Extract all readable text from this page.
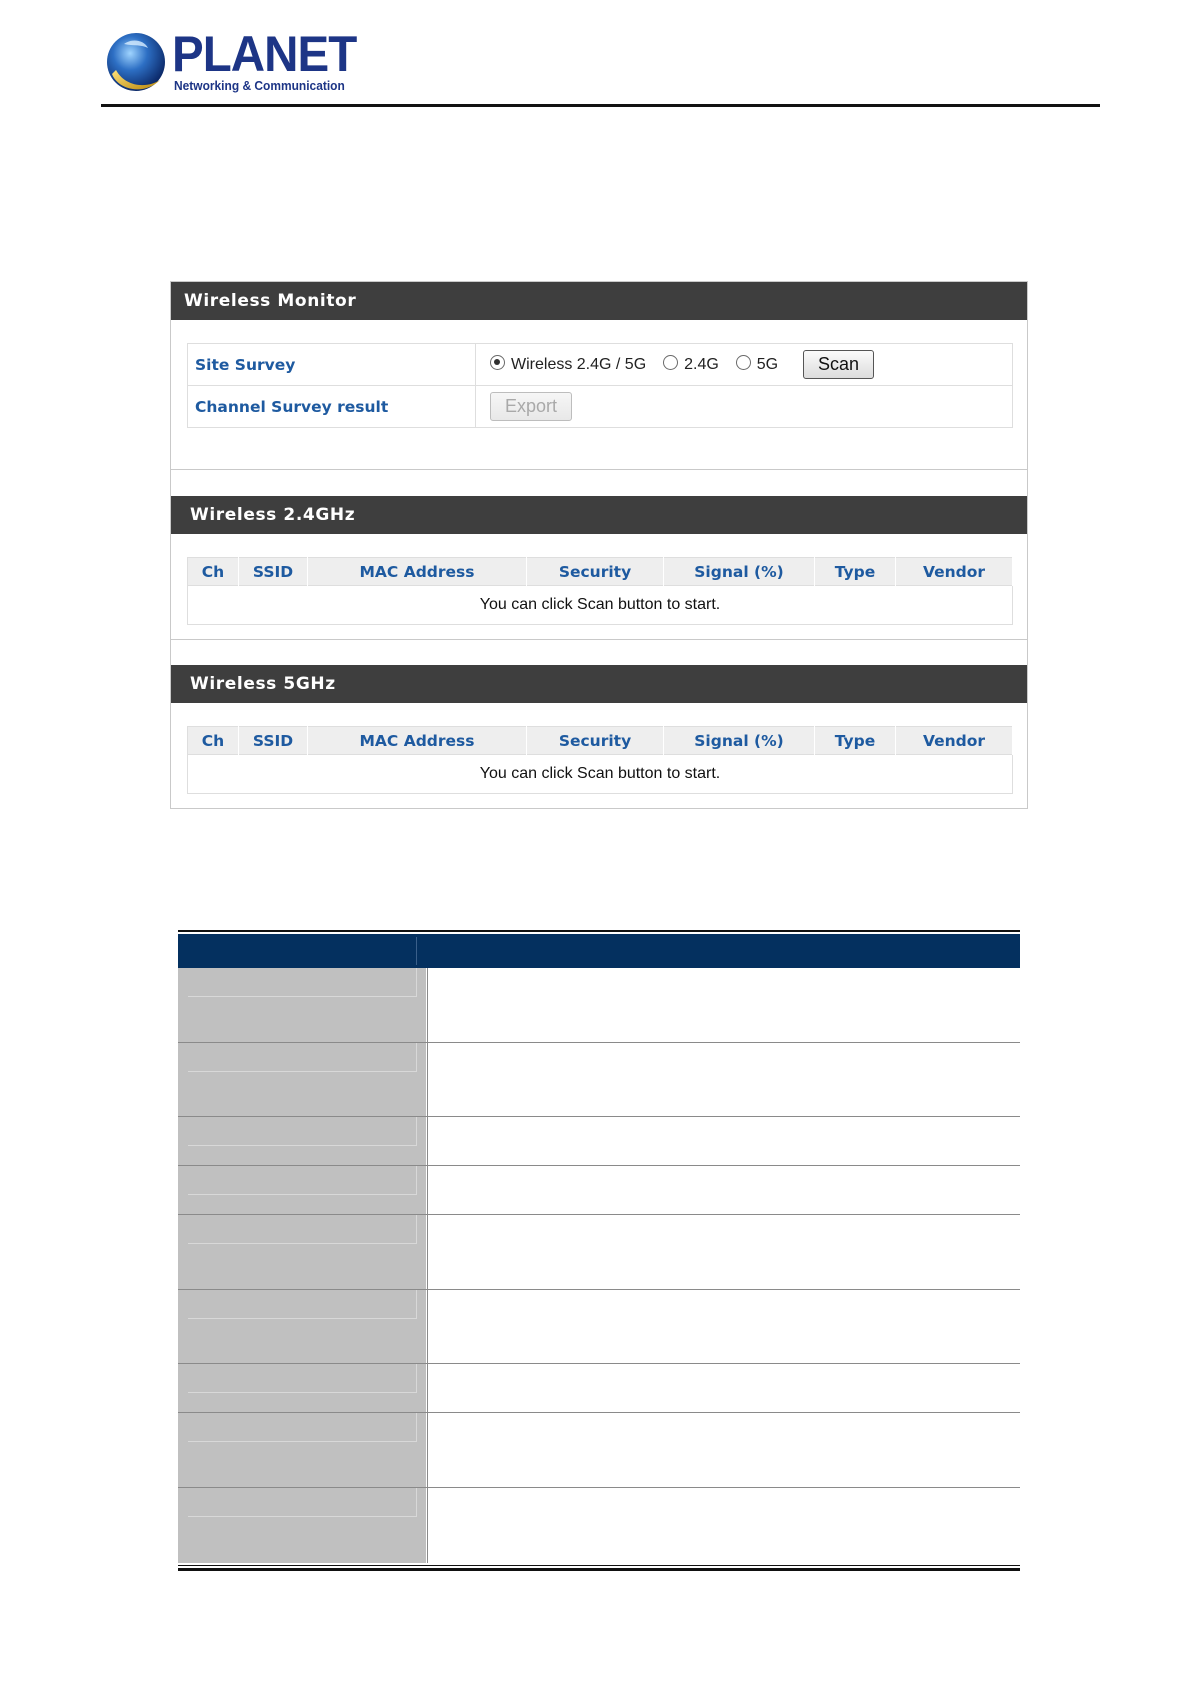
PLANET
Networking & Communication
Wireless Monitor
Site Survey	Wireless 2.4G / 5G 2.4G 5G Scan
Channel Survey result	Export
Wireless 2.4GHz
Ch	SSID	MAC Address	Security	Signal (%)	Type	Vendor
You can click Scan button to start.
Wireless 5GHz
Ch	SSID	MAC Address	Security	Signal (%)	Type	Vendor
You can click Scan button to start.
